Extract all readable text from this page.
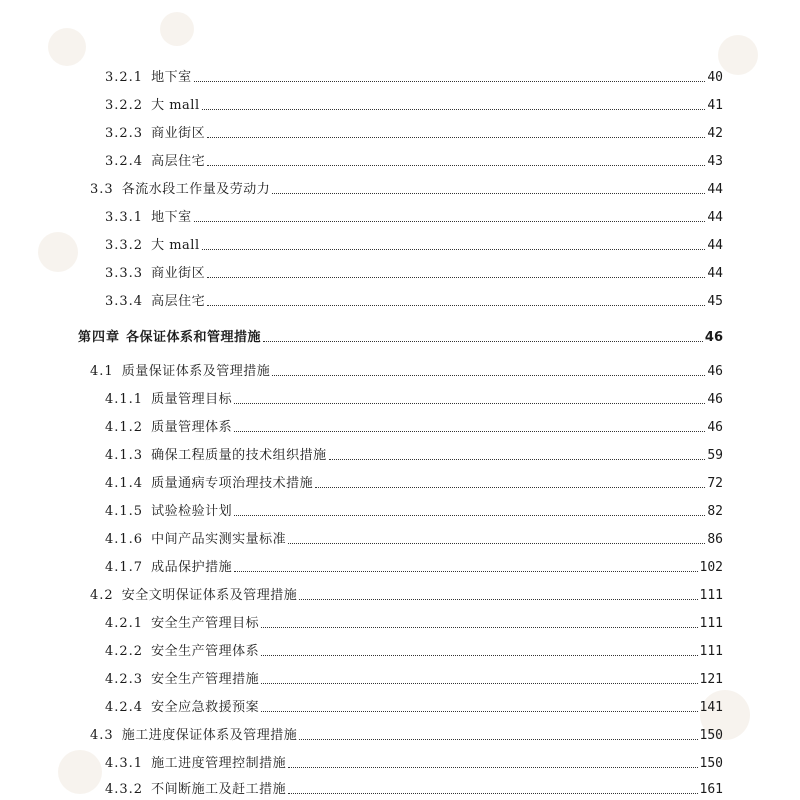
3.2.1 地下室	40
3.2.2 大 mall	41
3.2.3 商业街区	42
3.2.4 高层住宅	43
3.3 各流水段工作量及劳动力	44
3.3.1 地下室	44
3.3.2 大 mall	44
3.3.3 商业街区	44
3.3.4 高层住宅	45
第四章 各保证体系和管理措施	46
4.1 质量保证体系及管理措施	46
4.1.1 质量管理目标	46
4.1.2 质量管理体系	46
4.1.3 确保工程质量的技术组织措施	59
4.1.4 质量通病专项治理技术措施	72
4.1.5 试验检验计划	82
4.1.6 中间产品实测实量标准	86
4.1.7 成品保护措施	102
4.2 安全文明保证体系及管理措施	111
4.2.1 安全生产管理目标	111
4.2.2 安全生产管理体系	111
4.2.3 安全生产管理措施	121
4.2.4 安全应急救援预案	141
4.3 施工进度保证体系及管理措施	150
4.3.1 施工进度管理控制措施	150
4.3.2 不间断施工及赶工措施	161
